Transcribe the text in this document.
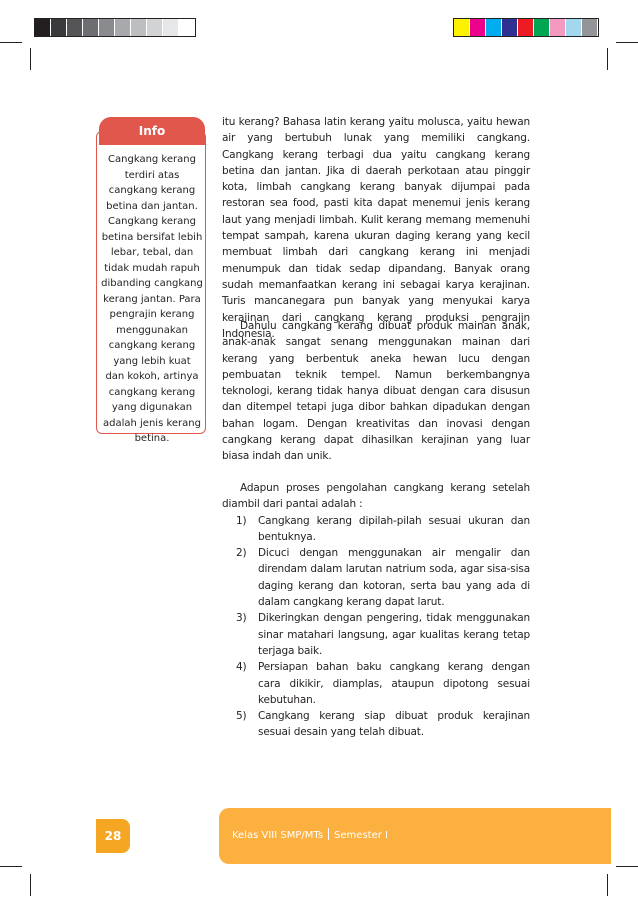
Info

Cangkang kerang

terdiri atas

cangkang kerang

betina dan jantan.

Cangkang kerang

betina bersifat lebih

lebar, tebal, dan

tidak mudah rapuh

dibanding cangkang

kerang jantan. Para

pengrajin kerang

menggunakan

cangkang kerang

yang lebih kuat

dan kokoh, artinya

cangkang kerang

yang digunakan

adalah jenis kerang

betina.

itu kerang? Bahasa latin kerang yaitu molusca, yaitu hewan air yang bertubuh lunak yang memiliki cangkang. Cangkang kerang terbagi dua yaitu cangkang kerang betina dan jantan. Jika di daerah perkotaan atau pinggir kota, limbah cangkang kerang banyak dijumpai pada restoran sea food, pasti kita dapat menemui jenis kerang laut yang menjadi limbah. Kulit kerang memang memenuhi tempat sampah, karena ukuran daging kerang yang kecil membuat limbah dari cangkang kerang ini menjadi menumpuk dan tidak sedap dipandang. Banyak orang sudah memanfaatkan kerang ini sebagai karya kerajinan. Turis mancanegara pun banyak yang menyukai karya kerajinan dari cangkang kerang produksi pengrajin Indonesia.

Dahulu cangkang kerang dibuat produk mainan anak, anak-anak sangat senang menggunakan mainan dari kerang yang berbentuk aneka hewan lucu dengan pembuatan teknik tempel. Namun berkembangnya teknologi, kerang tidak hanya dibuat dengan cara disusun dan ditempel tetapi juga dibor bahkan dipadukan dengan bahan logam. Dengan kreativitas dan inovasi dengan cangkang kerang dapat dihasilkan kerajinan yang luar biasa indah dan unik.

Adapun proses pengolahan cangkang kerang setelah diambil dari pantai adalah :

1) Cangkang kerang dipilah-pilah sesuai ukuran dan bentuknya.
2) Dicuci dengan menggunakan air mengalir dan direndam dalam larutan natrium soda, agar sisa-sisa daging kerang dan kotoran, serta bau yang ada di dalam cangkang kerang dapat larut.
3) Dikeringkan dengan pengering, tidak menggunakan sinar matahari langsung, agar kualitas kerang tetap terjaga baik.
4) Persiapan bahan baku cangkang kerang dengan cara dikikir, diamplas, ataupun dipotong sesuai kebutuhan.
5) Cangkang kerang siap dibuat produk kerajinan sesuai desain yang telah dibuat.
28	Kelas VIII SMP/MTs Semester I
